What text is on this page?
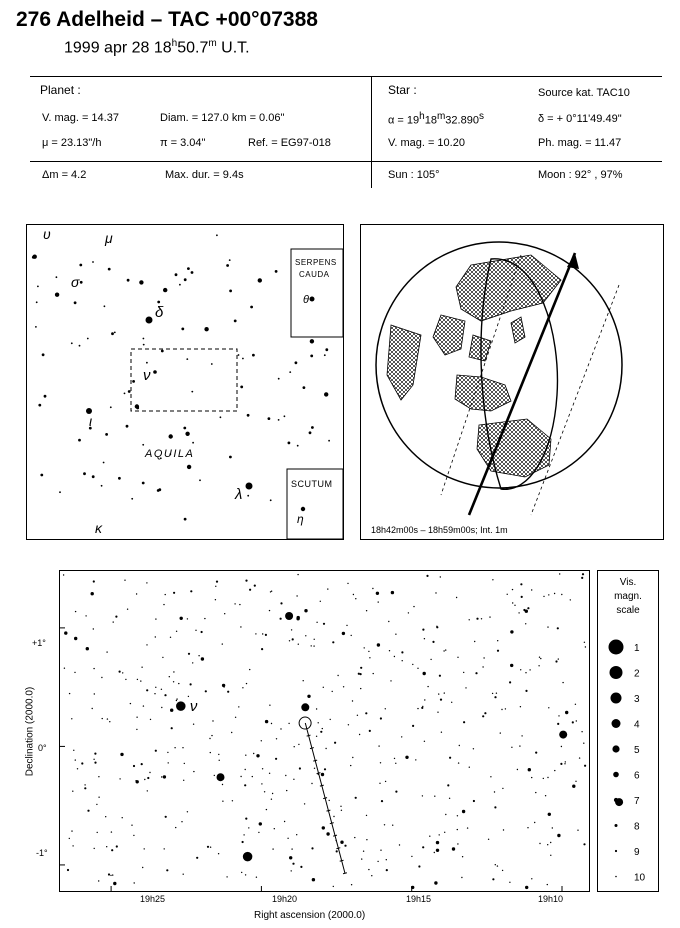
276 Adelheid – TAC +00°07388
1999 apr 28 18$^h$50.7$^m$ U.T.
Planet :
V. mag. = 14.37	Diam. = 127.0 km = 0.06"
μ = 23.13"/h	π = 3.04"	Ref. = EG97-018
Δm = 4.2	Max. dur. = 9.4s
Star :	Source kat. TAC10
$\alpha = 19^h18^m32.890^s$	δ = + 0°11'49.49"
V. mag. = 10.20	Ph. mag. = 11.47
Sun : 105°	Moon : 92° , 97%
υ	μ
σ
δ
ν
ι
λ
κ
θ
η
SERPENS
CAUDA
AQUILA
SCUTUM
18h42m00s – 18h59m00s; Int. 1m
ν
Declination (2000.0)
Right ascension (2000.0)
+1°
0°
-1°
19h25	19h20	19h15	19h10
Vis.
magn.
scale
1
2
3
4
5
6
7
8
9
10
